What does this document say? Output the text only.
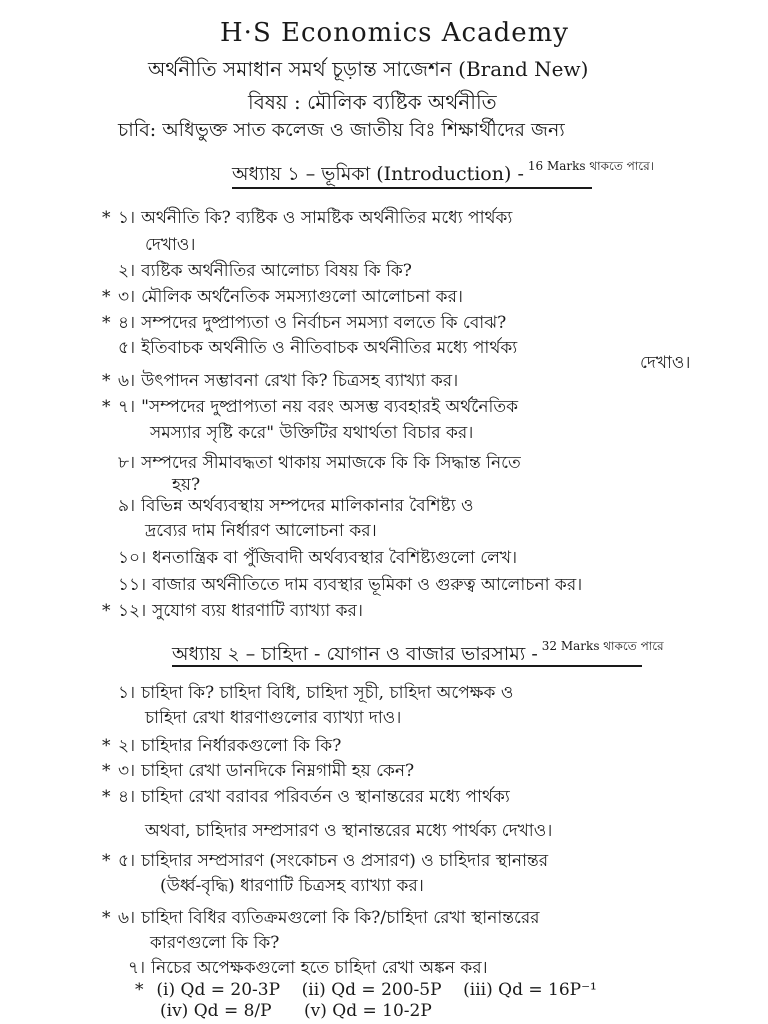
H·S Economics Academy
অর্থনীতি সমাধান সমর্থ চূড়ান্ত সাজেশন (Brand New)
বিষয় : মৌলিক ব্যষ্টিক অর্থনীতি
চাবি: অধিভুক্ত সাত কলেজ ও জাতীয় বিঃ শিক্ষার্থীদের জন্য
অধ্যায় ১ – ভূমিকা (Introduction) - 16 Marks থাকতে পারে।
* ১। অর্থনীতি কি? ব্যষ্টিক ও সামষ্টিক অর্থনীতির মধ্যে পার্থক্য
দেখাও।
২। ব্যষ্টিক অর্থনীতির আলোচ্য বিষয় কি কি?
* ৩। মৌলিক অর্থনৈতিক সমস্যাগুলো আলোচনা কর।
* ৪। সম্পদের দুষ্প্রাপ্যতা ও নির্বাচন সমস্যা বলতে কি বোঝ?
৫। ইতিবাচক অর্থনীতি ও নীতিবাচক অর্থনীতির মধ্যে পার্থক্য
দেখাও।
* ৬। উৎপাদন সম্ভাবনা রেখা কি? চিত্রসহ ব্যাখ্যা কর।
* ৭। "সম্পদের দুষ্প্রাপ্যতা নয় বরং অসম্ভ ব্যবহারই অর্থনৈতিক
সমস্যার সৃষ্টি করে" উক্তিটির যথার্থতা বিচার কর।
৮। সম্পদের সীমাবদ্ধতা থাকায় সমাজকে কি কি সিদ্ধান্ত নিতে
হয়?
৯। বিভিন্ন অর্থব্যবস্থায় সম্পদের মালিকানার বৈশিষ্ট্য ও
দ্রব্যের দাম নির্ধারণ আলোচনা কর।
১০। ধনতান্ত্রিক বা পুঁজিবাদী অর্থব্যবস্থার বৈশিষ্ট্যগুলো লেখ।
১১। বাজার অর্থনীতিতে দাম ব্যবস্থার ভূমিকা ও গুরুত্ব আলোচনা কর।
* ১২। সুযোগ ব্যয় ধারণাটি ব্যাখ্যা কর।
অধ্যায় ২ – চাহিদা - যোগান ও বাজার ভারসাম্য - 32 Marks থাকতে পারে
১। চাহিদা কি? চাহিদা বিধি, চাহিদা সূচী, চাহিদা অপেক্ষক ও
চাহিদা রেখা ধারণাগুলোর ব্যাখ্যা দাও।
* ২। চাহিদার নির্ধারকগুলো কি কি?
* ৩। চাহিদা রেখা ডানদিকে নিম্নগামী হয় কেন?
* ৪। চাহিদা রেখা বরাবর পরিবর্তন ও স্থানান্তরের মধ্যে পার্থক্য
অথবা, চাহিদার সম্প্রসারণ ও স্থানান্তরের মধ্যে পার্থক্য দেখাও।
* ৫। চাহিদার সম্প্রসারণ (সংকোচন ও প্রসারণ) ও চাহিদার স্থানান্তর
(উর্ধ্ব-বৃদ্ধি) ধারণাটি চিত্রসহ ব্যাখ্যা কর।
* ৬। চাহিদা বিধির ব্যতিক্রমগুলো কি কি?/চাহিদা রেখা স্থানান্তরের
কারণগুলো কি কি?
৭। নিচের অপেক্ষকগুলো হতে চাহিদা রেখা অঙ্কন কর।
* (i) Qd = 20-3P (ii) Qd = 200-5P (iii) Qd = 16P⁻¹
(iv) Qd = 8/P (v) Qd = 10-2P
